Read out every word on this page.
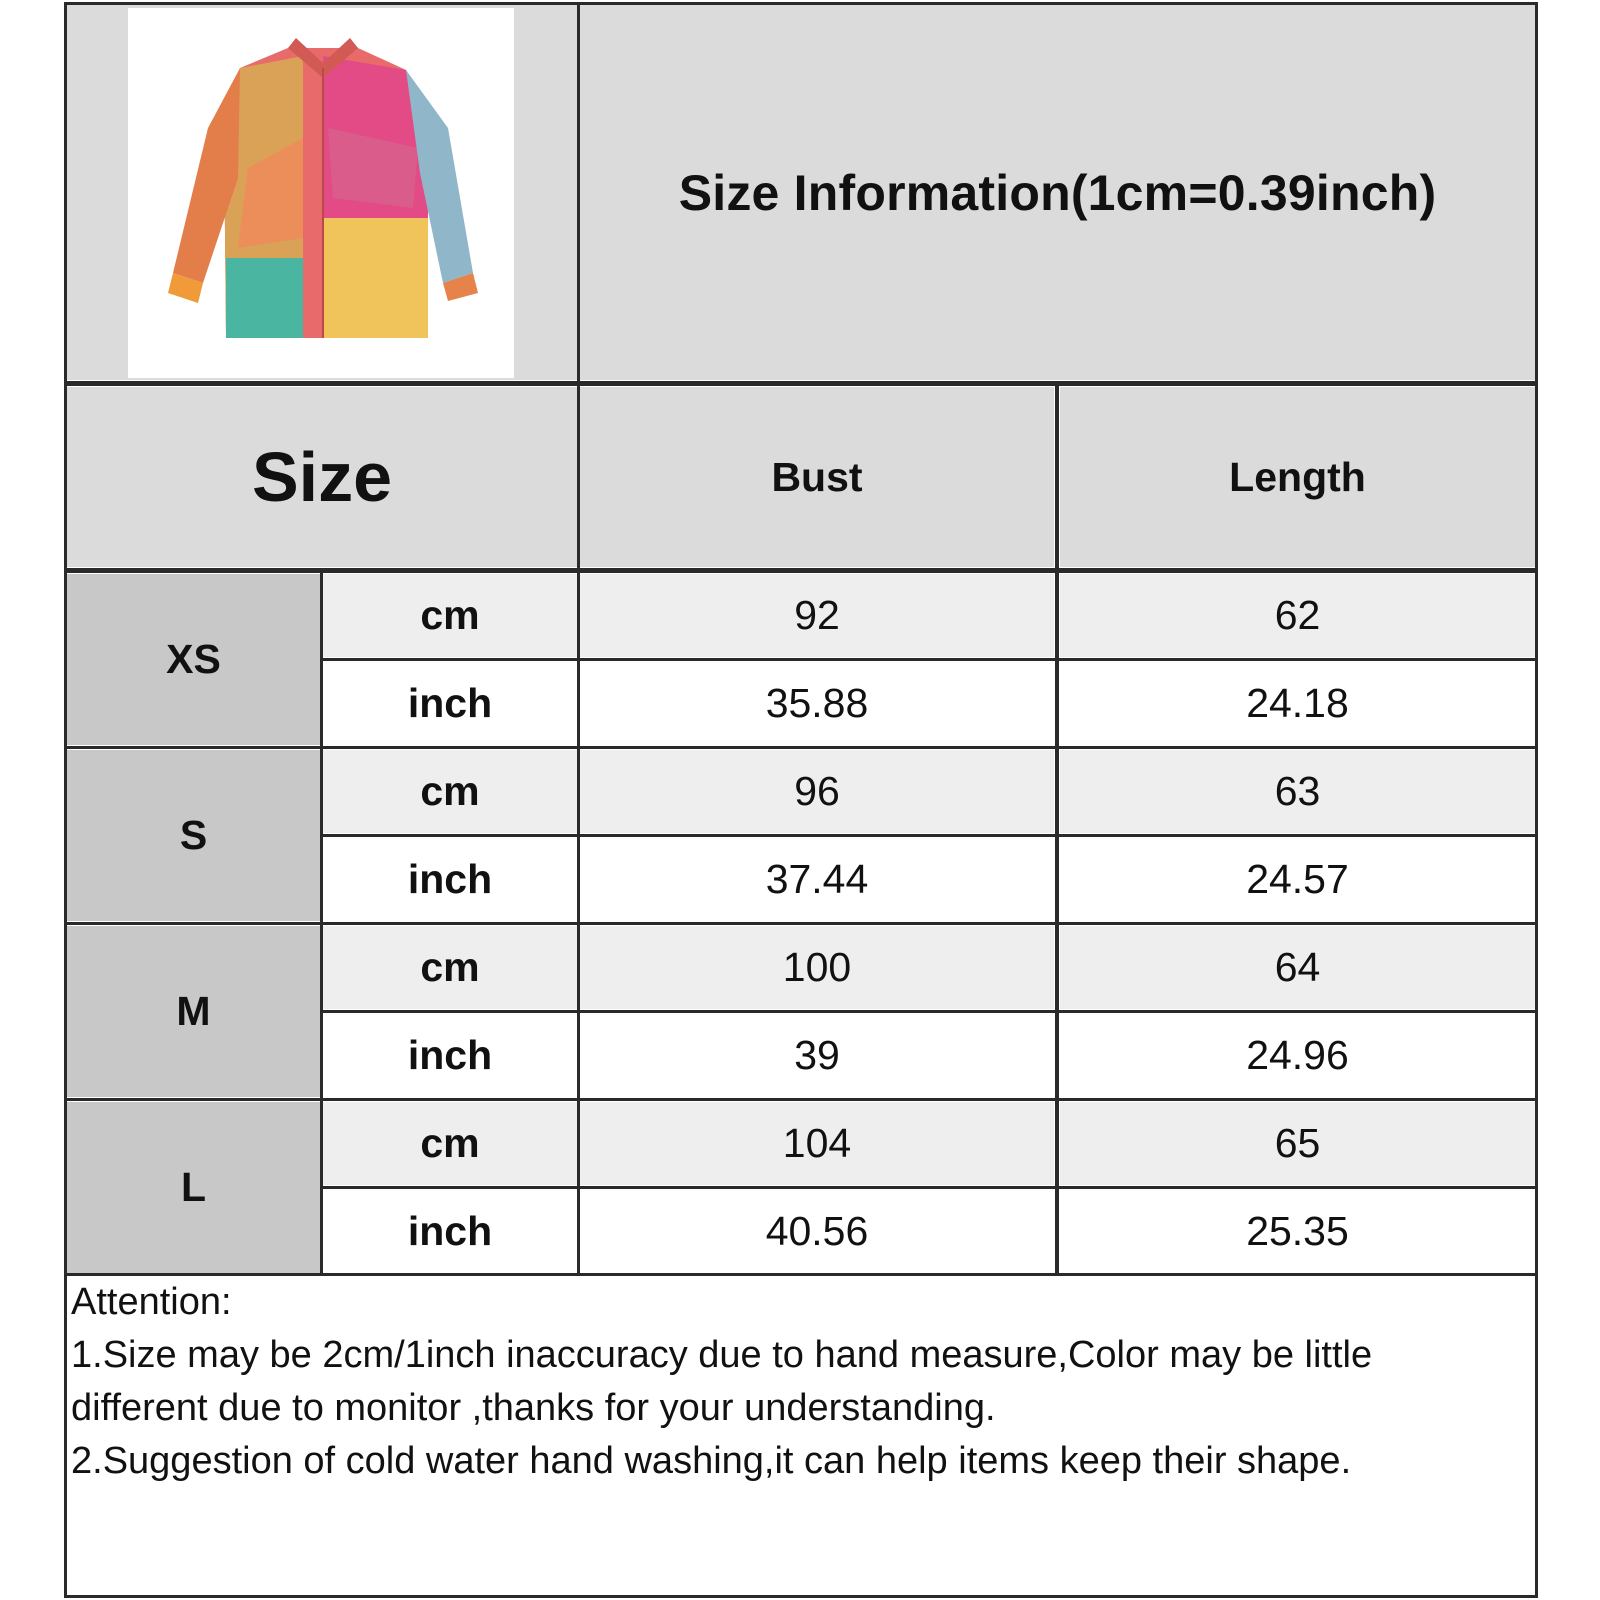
Size Information(1cm=0.39inch)
Size	Bust	Length
XS
cm	92	62
inch	35.88	24.18
S
cm	96	63
inch	37.44	24.57
M
cm	100	64
inch	39	24.96
L
cm	104	65
inch	40.56	25.35
Attention:
1.Size may be 2cm/1inch inaccuracy due to hand measure,Color may be little
different due to monitor ,thanks for your understanding.
2.Suggestion of cold water hand washing,it can help items keep their shape.
